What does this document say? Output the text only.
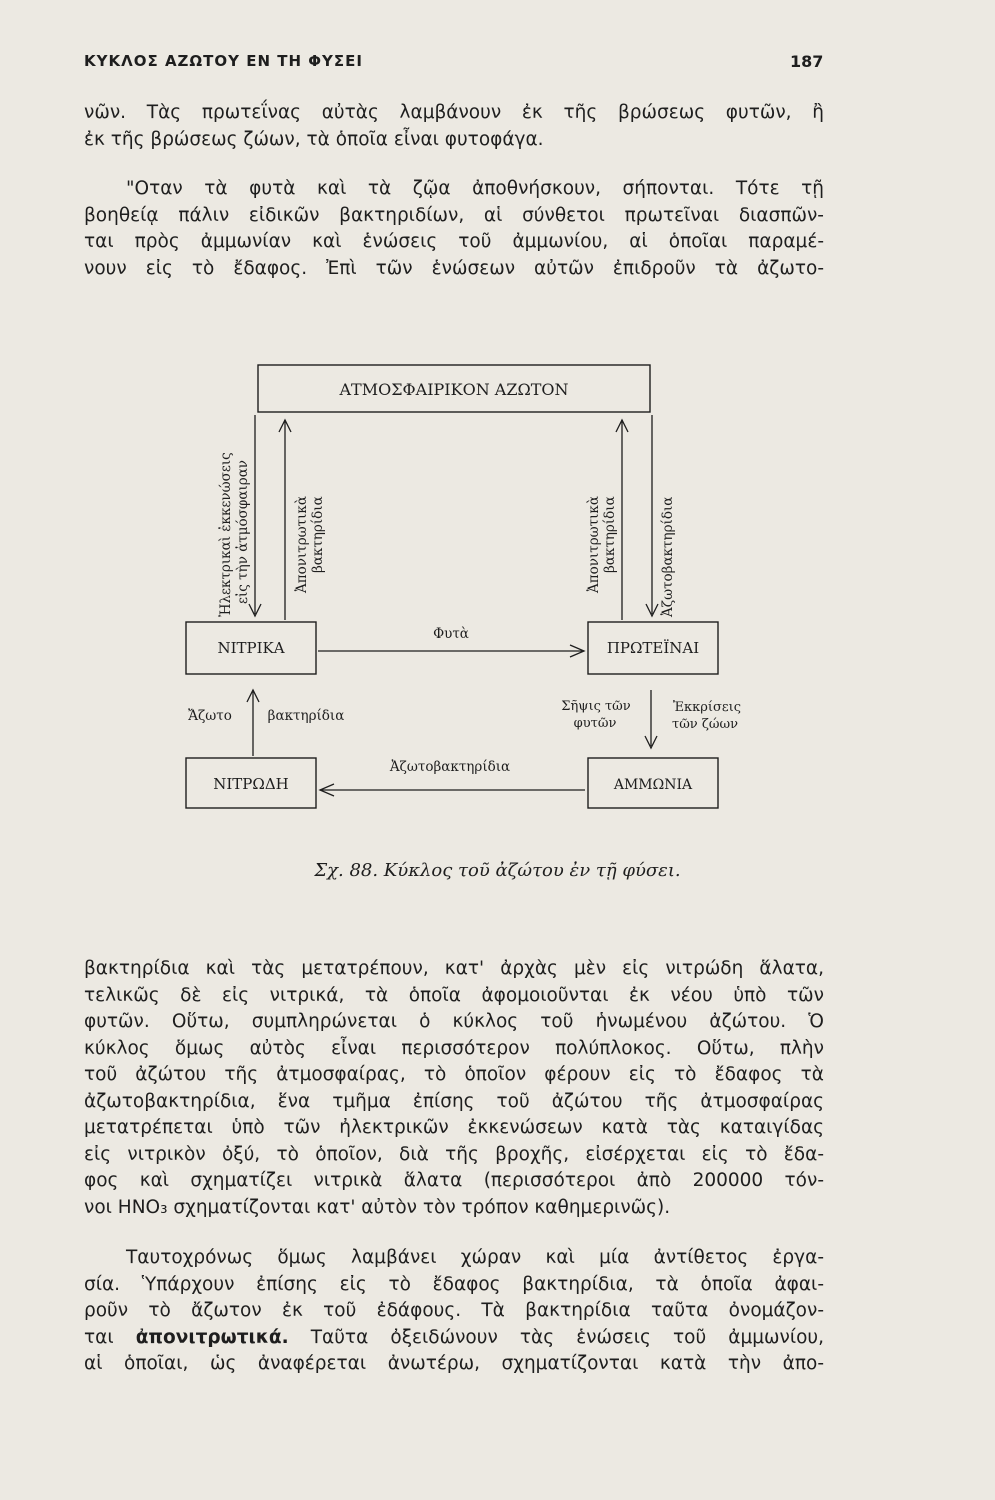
ΚΥΚΛΟΣ ΑΖΩΤΟΥ ΕΝ ΤΗ ΦΥΣΕΙ	187

νῶν. Τὰς πρωτεΐνας αὐτὰς λαμβάνουν ἐκ τῆς βρώσεως φυτῶν, ἢ
ἐκ τῆς βρώσεως ζώων, τὰ ὁποῖα εἶναι φυτοφάγα.

"Οταν τὰ φυτὰ καὶ τὰ ζῷα ἀποθνήσκουν, σήπονται. Τότε τῇ
βοηθείᾳ πάλιν εἰδικῶν βακτηριδίων, αἱ σύνθετοι πρωτεῖναι διασπῶν-
ται πρὸς ἀμμωνίαν καὶ ἑνώσεις τοῦ ἀμμωνίου, αἱ ὁποῖαι παραμέ-
νουν εἰς τὸ ἔδαφος. Ἐπὶ τῶν ἑνώσεων αὐτῶν ἐπιδροῦν τὰ ἀζωτο-

ΑΤΜΟΣΦΑΙΡΙΚΟΝ ΑΖΩΤΟΝ
ΝΙΤΡΙΚΑ	ΠΡΩΤΕΪΝΑΙ
ΝΙΤΡΩΔΗ	ΑΜΜΩΝΙΑ
Ἠλεκτρικαὶ ἐκκενώσεις εἰς τὴν ἀτμόσφαιραν	Ἀπονιτρωτικὰ βακτηρίδια	Ἀπονιτρωτικὰ βακτηρίδια	Ἀζωτοβακτηρίδια
Φυτὰ
Ἄζωτο	βακτηρίδια
Σῆψις τῶν
φυτῶν
Ἐκκρίσεις
τῶν ζώων
Ἀζωτοβακτηρίδια
Σχ. 88. Κύκλος τοῦ ἀζώτου ἐν τῇ φύσει.

βακτηρίδια καὶ τὰς μετατρέπουν, κατ' ἀρχὰς μὲν εἰς νιτρώδη ἅλατα,
τελικῶς δὲ εἰς νιτρικά, τὰ ὁποῖα ἀφομοιοῦνται ἐκ νέου ὑπὸ τῶν
φυτῶν. Οὕτω, συμπληρώνεται ὁ κύκλος τοῦ ἡνωμένου ἀζώτου. Ὁ
κύκλος ὅμως αὐτὸς εἶναι περισσότερον πολύπλοκος. Οὕτω, πλὴν
τοῦ ἀζώτου τῆς ἀτμοσφαίρας, τὸ ὁποῖον φέρουν εἰς τὸ ἔδαφος τὰ
ἀζωτοβακτηρίδια, ἕνα τμῆμα ἐπίσης τοῦ ἀζώτου τῆς ἀτμοσφαίρας
μετατρέπεται ὑπὸ τῶν ἠλεκτρικῶν ἐκκενώσεων κατὰ τὰς καταιγίδας
εἰς νιτρικὸν ὀξύ, τὸ ὁποῖον, διὰ τῆς βροχῆς, εἰσέρχεται εἰς τὸ ἔδα-
φος καὶ σχηματίζει νιτρικὰ ἅλατα (περισσότεροι ἀπὸ 200000 τόν-
νοι HNO₃ σχηματίζονται κατ' αὐτὸν τὸν τρόπον καθημερινῶς).

Ταυτοχρόνως ὅμως λαμβάνει χώραν καὶ μία ἀντίθετος ἐργα-
σία. Ὑπάρχουν ἐπίσης εἰς τὸ ἔδαφος βακτηρίδια, τὰ ὁποῖα ἀφαι-
ροῦν τὸ ἄζωτον ἐκ τοῦ ἐδάφους. Τὰ βακτηρίδια ταῦτα ὀνομάζον-
ται ἀπονιτρωτικά. Ταῦτα ὀξειδώνουν τὰς ἑνώσεις τοῦ ἀμμωνίου,
αἱ ὁποῖαι, ὡς ἀναφέρεται ἀνωτέρω, σχηματίζονται κατὰ τὴν ἀπο-
